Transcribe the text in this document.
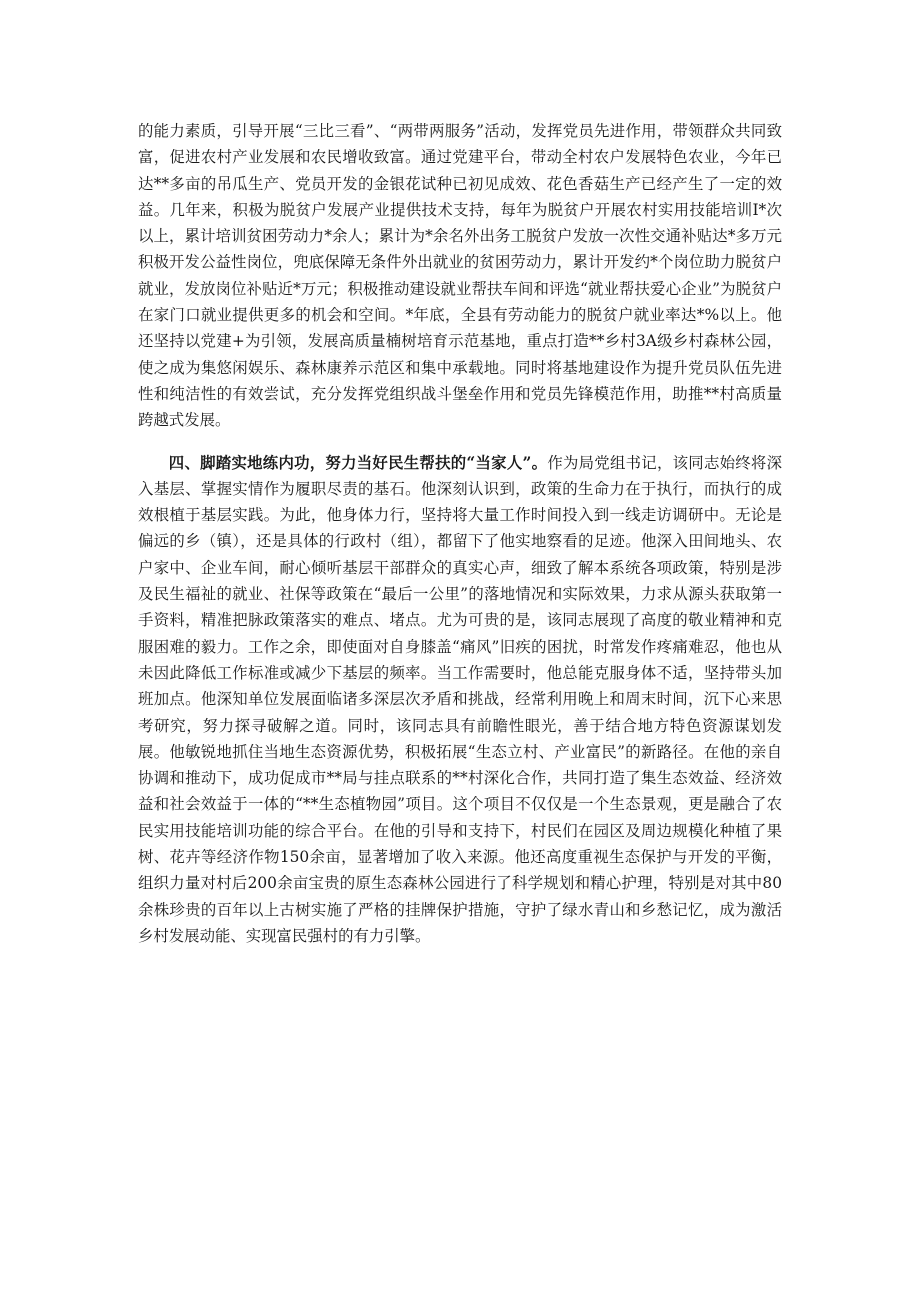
的能力素质，引导开展“三比三看”、“两带两服务”活动，发挥党员先进作用，带领群众共同致富，促进农村产业发展和农民增收致富。通过党建平台，带动全村农户发展特色农业，今年已达**多亩的吊瓜生产、党员开发的金银花试种已初见成效、花色香菇生产已经产生了一定的效益。几年来，积极为脱贫户发展产业提供技术支持，每年为脱贫户开展农村实用技能培训I*次以上，累计培训贫困劳动力*余人；累计为*余名外出务工脱贫户发放一次性交通补贴达*多万元 积极开发公益性岗位，兜底保障无条件外出就业的贫困劳动力，累计开发约*个岗位助力脱贫户就业，发放岗位补贴近*万元；积极推动建设就业帮扶车间和评选“就业帮扶爱心企业”为脱贫户在家门口就业提供更多的机会和空间。*年底，全县有劳动能力的脱贫户就业率达*%以上。他还坚持以党建+为引领，发展高质量楠树培育示范基地，重点打造**乡村3A级乡村森林公园，使之成为集悠闲娱乐、森林康养示范区和集中承载地。同时将基地建设作为提升党员队伍先进性和纯洁性的有效尝试，充分发挥党组织战斗堡垒作用和党员先锋模范作用，助推**村高质量跨越式发展。

四、脚踏实地练内功，努力当好民生帮扶的“当家人”。作为局党组书记，该同志始终将深入基层、掌握实情作为履职尽责的基石。他深刻认识到，政策的生命力在于执行，而执行的成效根植于基层实践。为此，他身体力行，坚持将大量工作时间投入到一线走访调研中。无论是偏远的乡（镇），还是具体的行政村（组），都留下了他实地察看的足迹。他深入田间地头、农户家中、企业车间，耐心倾听基层干部群众的真实心声，细致了解本系统各项政策，特别是涉及民生福祉的就业、社保等政策在“最后一公里”的落地情况和实际效果，力求从源头获取第一手资料，精准把脉政策落实的难点、堵点。尤为可贵的是，该同志展现了高度的敬业精神和克服困难的毅力。工作之余，即使面对自身膝盖“痛风”旧疾的困扰，时常发作疼痛难忍，他也从未因此降低工作标准或减少下基层的频率。当工作需要时，他总能克服身体不适，坚持带头加班加点。他深知单位发展面临诸多深层次矛盾和挑战，经常利用晚上和周末时间，沉下心来思考研究，努力探寻破解之道。同时，该同志具有前瞻性眼光，善于结合地方特色资源谋划发展。他敏锐地抓住当地生态资源优势，积极拓展“生态立村、产业富民”的新路径。在他的亲自协调和推动下，成功促成市**局与挂点联系的**村深化合作，共同打造了集生态效益、经济效益和社会效益于一体的“**生态植物园”项目。这个项目不仅仅是一个生态景观，更是融合了农民实用技能培训功能的综合平台。在他的引导和支持下，村民们在园区及周边规模化种植了果树、花卉等经济作物150余亩，显著增加了收入来源。他还高度重视生态保护与开发的平衡，组织力量对村后200余亩宝贵的原生态森林公园进行了科学规划和精心护理，特别是对其中80余株珍贵的百年以上古树实施了严格的挂牌保护措施，守护了绿水青山和乡愁记忆，成为激活乡村发展动能、实现富民强村的有力引擎。
